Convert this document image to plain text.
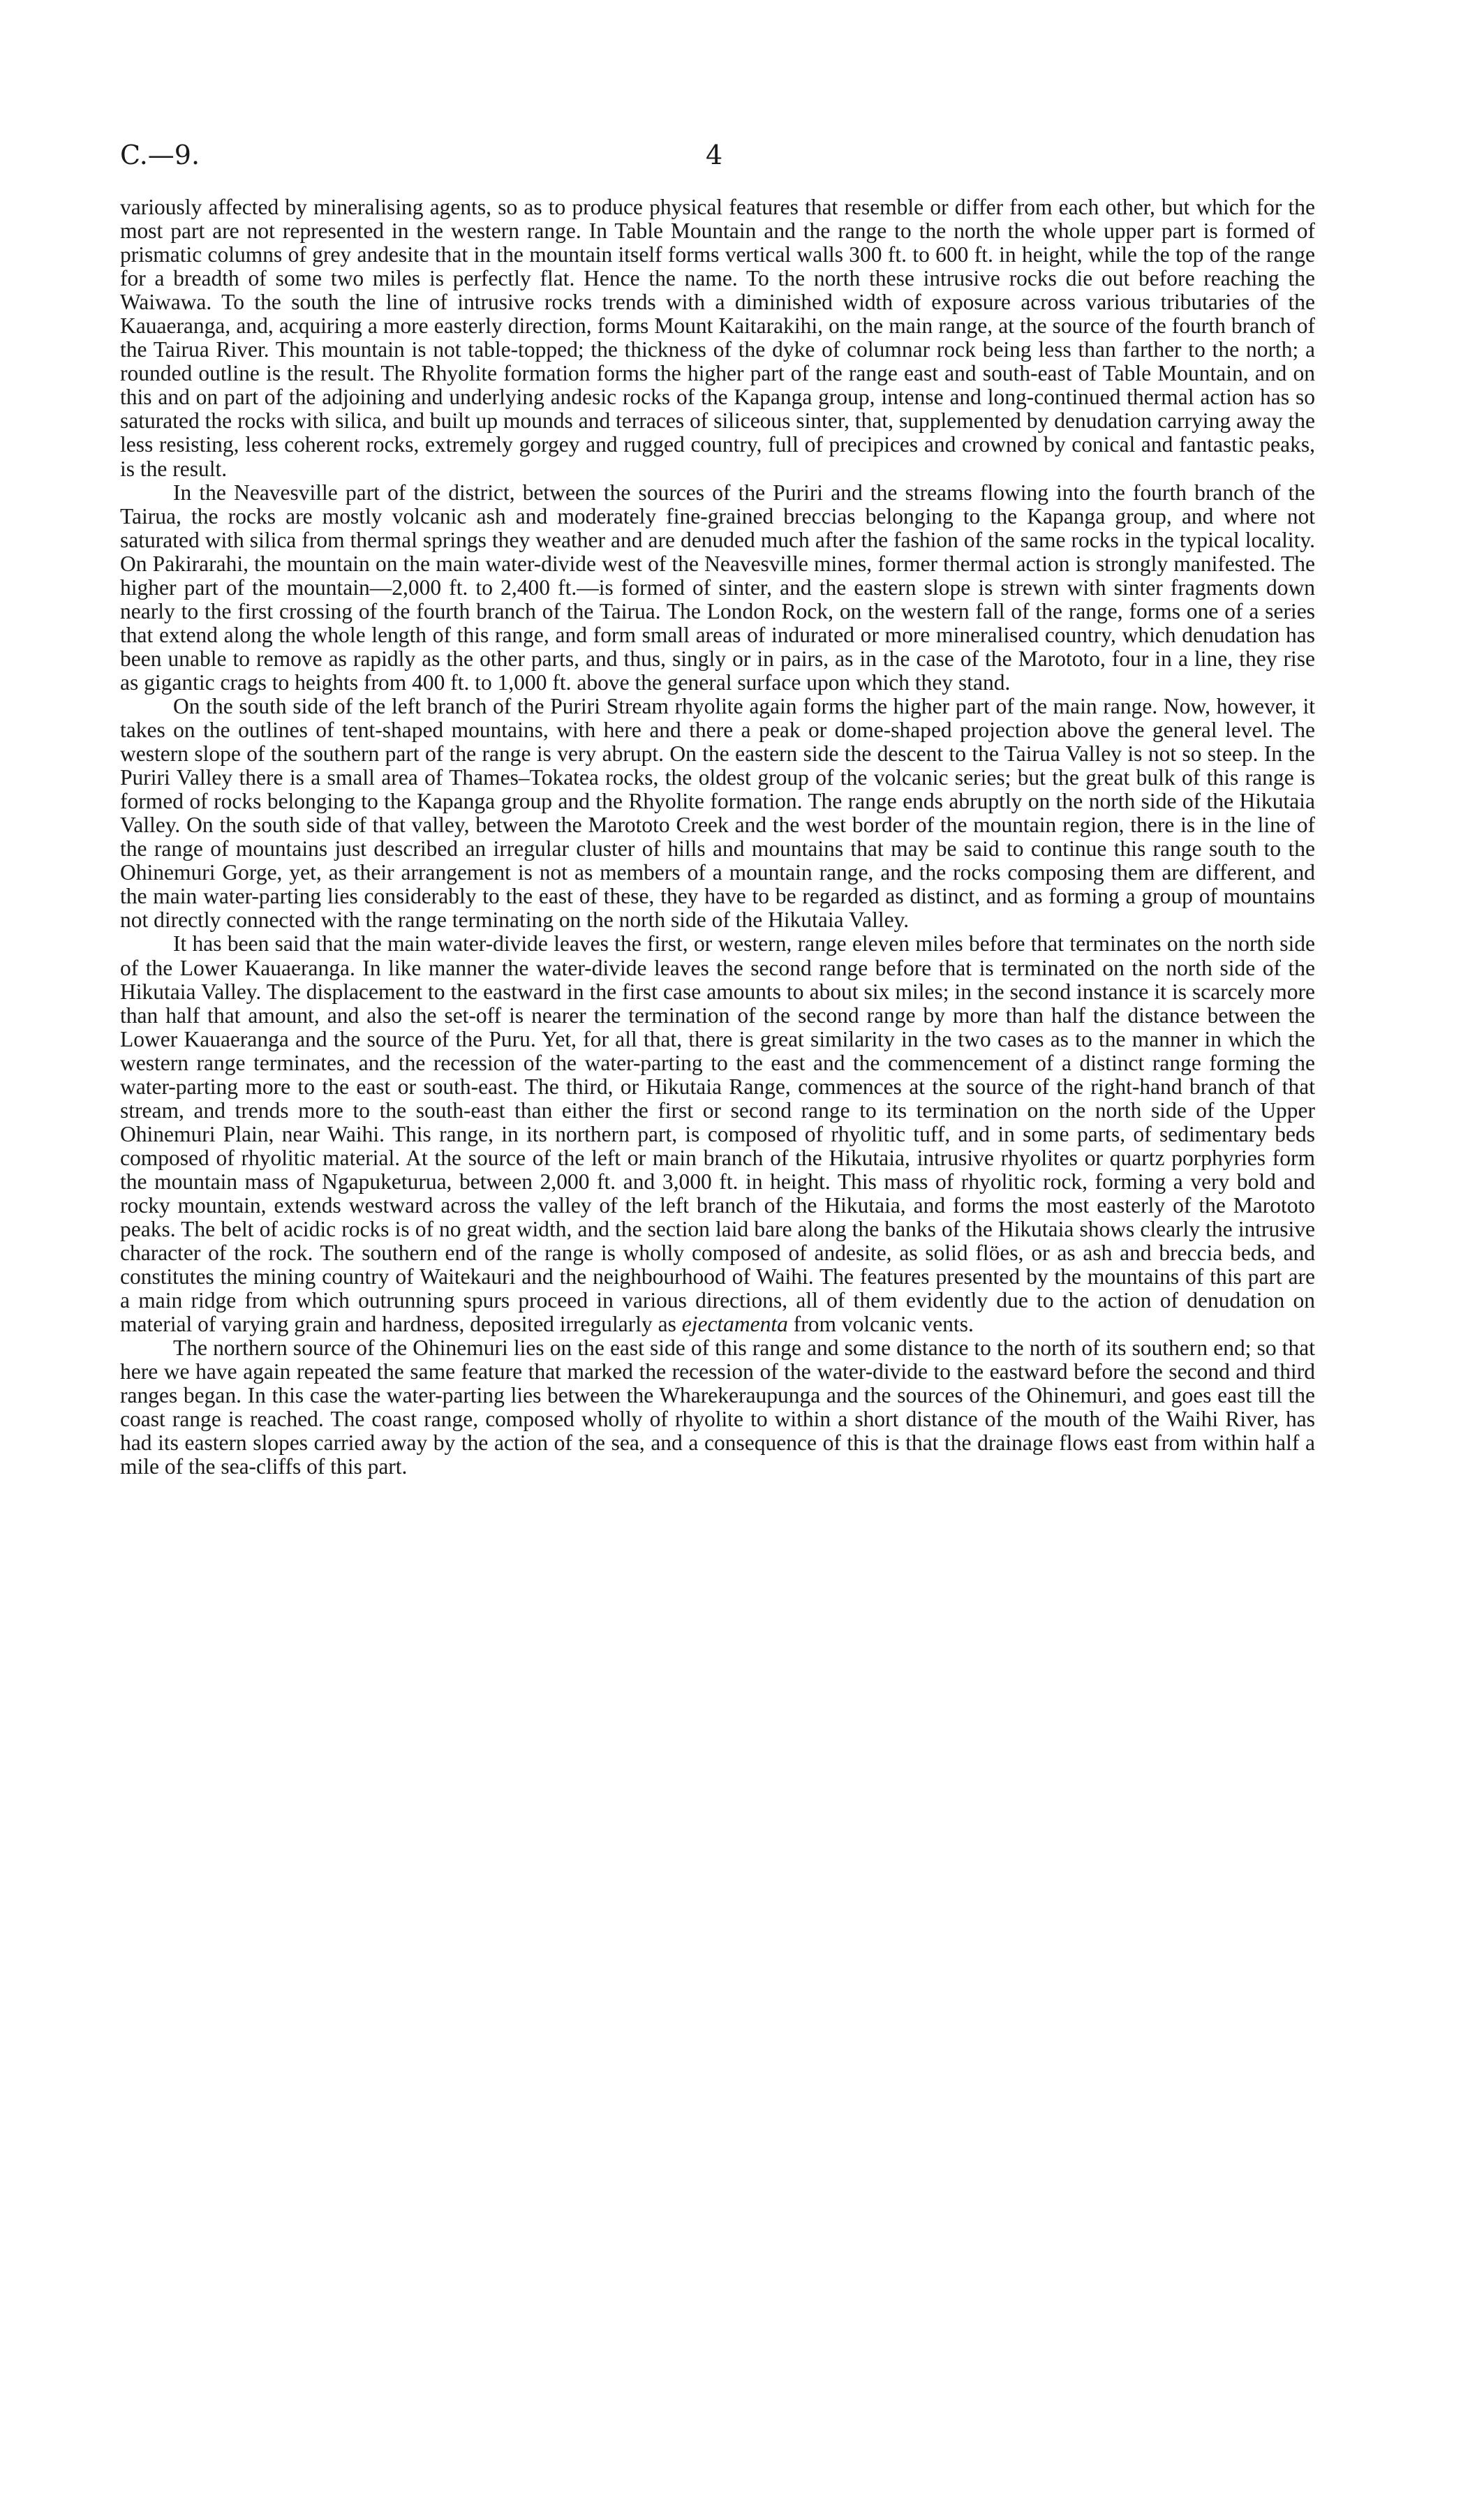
C.—9.	4

variously affected by mineralising agents, so as to produce physical features that resemble or differ from each other, but which for the most part are not represented in the western range. In Table Mountain and the range to the north the whole upper part is formed of prismatic columns of grey andesite that in the mountain itself forms vertical walls 300 ft. to 600 ft. in height, while the top of the range for a breadth of some two miles is perfectly flat. Hence the name. To the north these intrusive rocks die out before reaching the Waiwawa. To the south the line of intrusive rocks trends with a diminished width of exposure across various tributaries of the Kauaeranga, and, acquiring a more easterly direction, forms Mount Kaitarakihi, on the main range, at the source of the fourth branch of the Tairua River. This mountain is not table-topped; the thickness of the dyke of columnar rock being less than farther to the north; a rounded outline is the result. The Rhyolite formation forms the higher part of the range east and south-east of Table Mountain, and on this and on part of the adjoining and underlying andesic rocks of the Kapanga group, intense and long-continued thermal action has so saturated the rocks with silica, and built up mounds and terraces of siliceous sinter, that, supplemented by denudation carrying away the less resisting, less coherent rocks, extremely gorgey and rugged country, full of precipices and crowned by conical and fantastic peaks, is the result.

In the Neavesville part of the district, between the sources of the Puriri and the streams flowing into the fourth branch of the Tairua, the rocks are mostly volcanic ash and moderately fine-grained breccias belonging to the Kapanga group, and where not saturated with silica from thermal springs they weather and are denuded much after the fashion of the same rocks in the typical locality. On Pakirarahi, the mountain on the main water-divide west of the Neavesville mines, former thermal action is strongly manifested. The higher part of the mountain—2,000 ft. to 2,400 ft.—is formed of sinter, and the eastern slope is strewn with sinter fragments down nearly to the first crossing of the fourth branch of the Tairua. The London Rock, on the western fall of the range, forms one of a series that extend along the whole length of this range, and form small areas of indurated or more mineralised country, which denudation has been unable to remove as rapidly as the other parts, and thus, singly or in pairs, as in the case of the Marototo, four in a line, they rise as gigantic crags to heights from 400 ft. to 1,000 ft. above the general surface upon which they stand.

On the south side of the left branch of the Puriri Stream rhyolite again forms the higher part of the main range. Now, however, it takes on the outlines of tent-shaped mountains, with here and there a peak or dome-shaped projection above the general level. The western slope of the southern part of the range is very abrupt. On the eastern side the descent to the Tairua Valley is not so steep. In the Puriri Valley there is a small area of Thames–Tokatea rocks, the oldest group of the volcanic series; but the great bulk of this range is formed of rocks belonging to the Kapanga group and the Rhyolite formation. The range ends abruptly on the north side of the Hikutaia Valley. On the south side of that valley, between the Marototo Creek and the west border of the mountain region, there is in the line of the range of mountains just described an irregular cluster of hills and mountains that may be said to continue this range south to the Ohinemuri Gorge, yet, as their arrangement is not as members of a mountain range, and the rocks composing them are different, and the main water-parting lies considerably to the east of these, they have to be regarded as distinct, and as forming a group of mountains not directly connected with the range terminating on the north side of the Hikutaia Valley.

It has been said that the main water-divide leaves the first, or western, range eleven miles before that terminates on the north side of the Lower Kauaeranga. In like manner the water-divide leaves the second range before that is terminated on the north side of the Hikutaia Valley. The displacement to the eastward in the first case amounts to about six miles; in the second instance it is scarcely more than half that amount, and also the set-off is nearer the termination of the second range by more than half the distance between the Lower Kauaeranga and the source of the Puru. Yet, for all that, there is great similarity in the two cases as to the manner in which the western range terminates, and the recession of the water-parting to the east and the commencement of a distinct range forming the water-parting more to the east or south-east. The third, or Hikutaia Range, commences at the source of the right-hand branch of that stream, and trends more to the south-east than either the first or second range to its termination on the north side of the Upper Ohinemuri Plain, near Waihi. This range, in its northern part, is composed of rhyolitic tuff, and in some parts, of sedimentary beds composed of rhyolitic material. At the source of the left or main branch of the Hikutaia, intrusive rhyolites or quartz porphyries form the mountain mass of Ngapuketurua, between 2,000 ft. and 3,000 ft. in height. This mass of rhyolitic rock, forming a very bold and rocky mountain, extends westward across the valley of the left branch of the Hikutaia, and forms the most easterly of the Marototo peaks. The belt of acidic rocks is of no great width, and the section laid bare along the banks of the Hikutaia shows clearly the intrusive character of the rock. The southern end of the range is wholly composed of andesite, as solid flöes, or as ash and breccia beds, and constitutes the mining country of Waitekauri and the neighbourhood of Waihi. The features presented by the mountains of this part are a main ridge from which outrunning spurs proceed in various directions, all of them evidently due to the action of denudation on material of varying grain and hardness, deposited irregularly as ejectamenta from volcanic vents.

The northern source of the Ohinemuri lies on the east side of this range and some distance to the north of its southern end; so that here we have again repeated the same feature that marked the recession of the water-divide to the eastward before the second and third ranges began. In this case the water-parting lies between the Wharekeraupunga and the sources of the Ohinemuri, and goes east till the coast range is reached. The coast range, composed wholly of rhyolite to within a short distance of the mouth of the Waihi River, has had its eastern slopes carried away by the action of the sea, and a consequence of this is that the drainage flows east from within half a mile of the sea-cliffs of this part.
